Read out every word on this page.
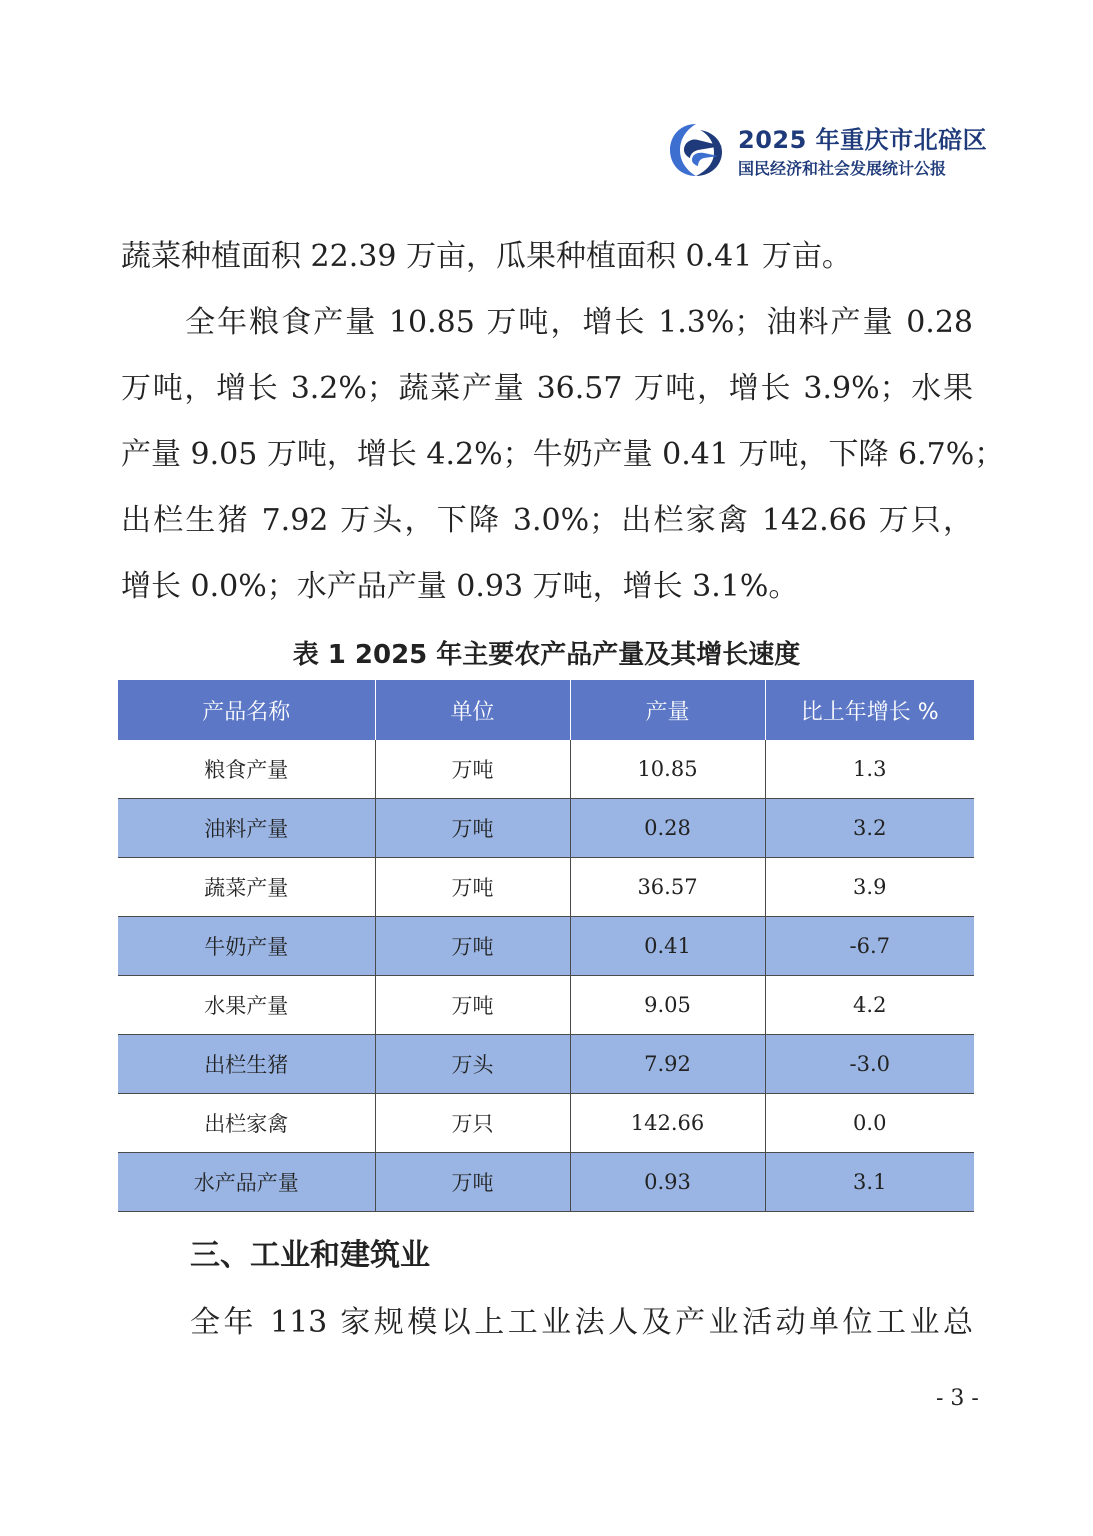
2025 年重庆市北碚区
国民经济和社会发展统计公报
蔬菜种植面积 22.39 万亩，瓜果种植面积 0.41 万亩。
　　全年粮食产量 10.85 万吨，增长 1.3%；油料产量 0.28
万吨，增长 3.2%；蔬菜产量 36.57 万吨，增长 3.9%；水果
产量 9.05 万吨，增长 4.2%；牛奶产量 0.41 万吨，下降 6.7%；
出栏生猪 7.92 万头，下降 3.0%；出栏家禽 142.66 万只，
增长 0.0%；水产品产量 0.93 万吨，增长 3.1%。
表 1 2025 年主要农产品产量及其增长速度
产品名称	单位	产量	比上年增长 %
粮食产量	万吨	10.85	1.3
油料产量	万吨	0.28	3.2
蔬菜产量	万吨	36.57	3.9
牛奶产量	万吨	0.41	-6.7
水果产量	万吨	9.05	4.2
出栏生猪	万头	7.92	-3.0
出栏家禽	万只	142.66	0.0
水产品产量	万吨	0.93	3.1
三、工业和建筑业
全年 113 家规模以上工业法人及产业活动单位工业总
- 3 -
